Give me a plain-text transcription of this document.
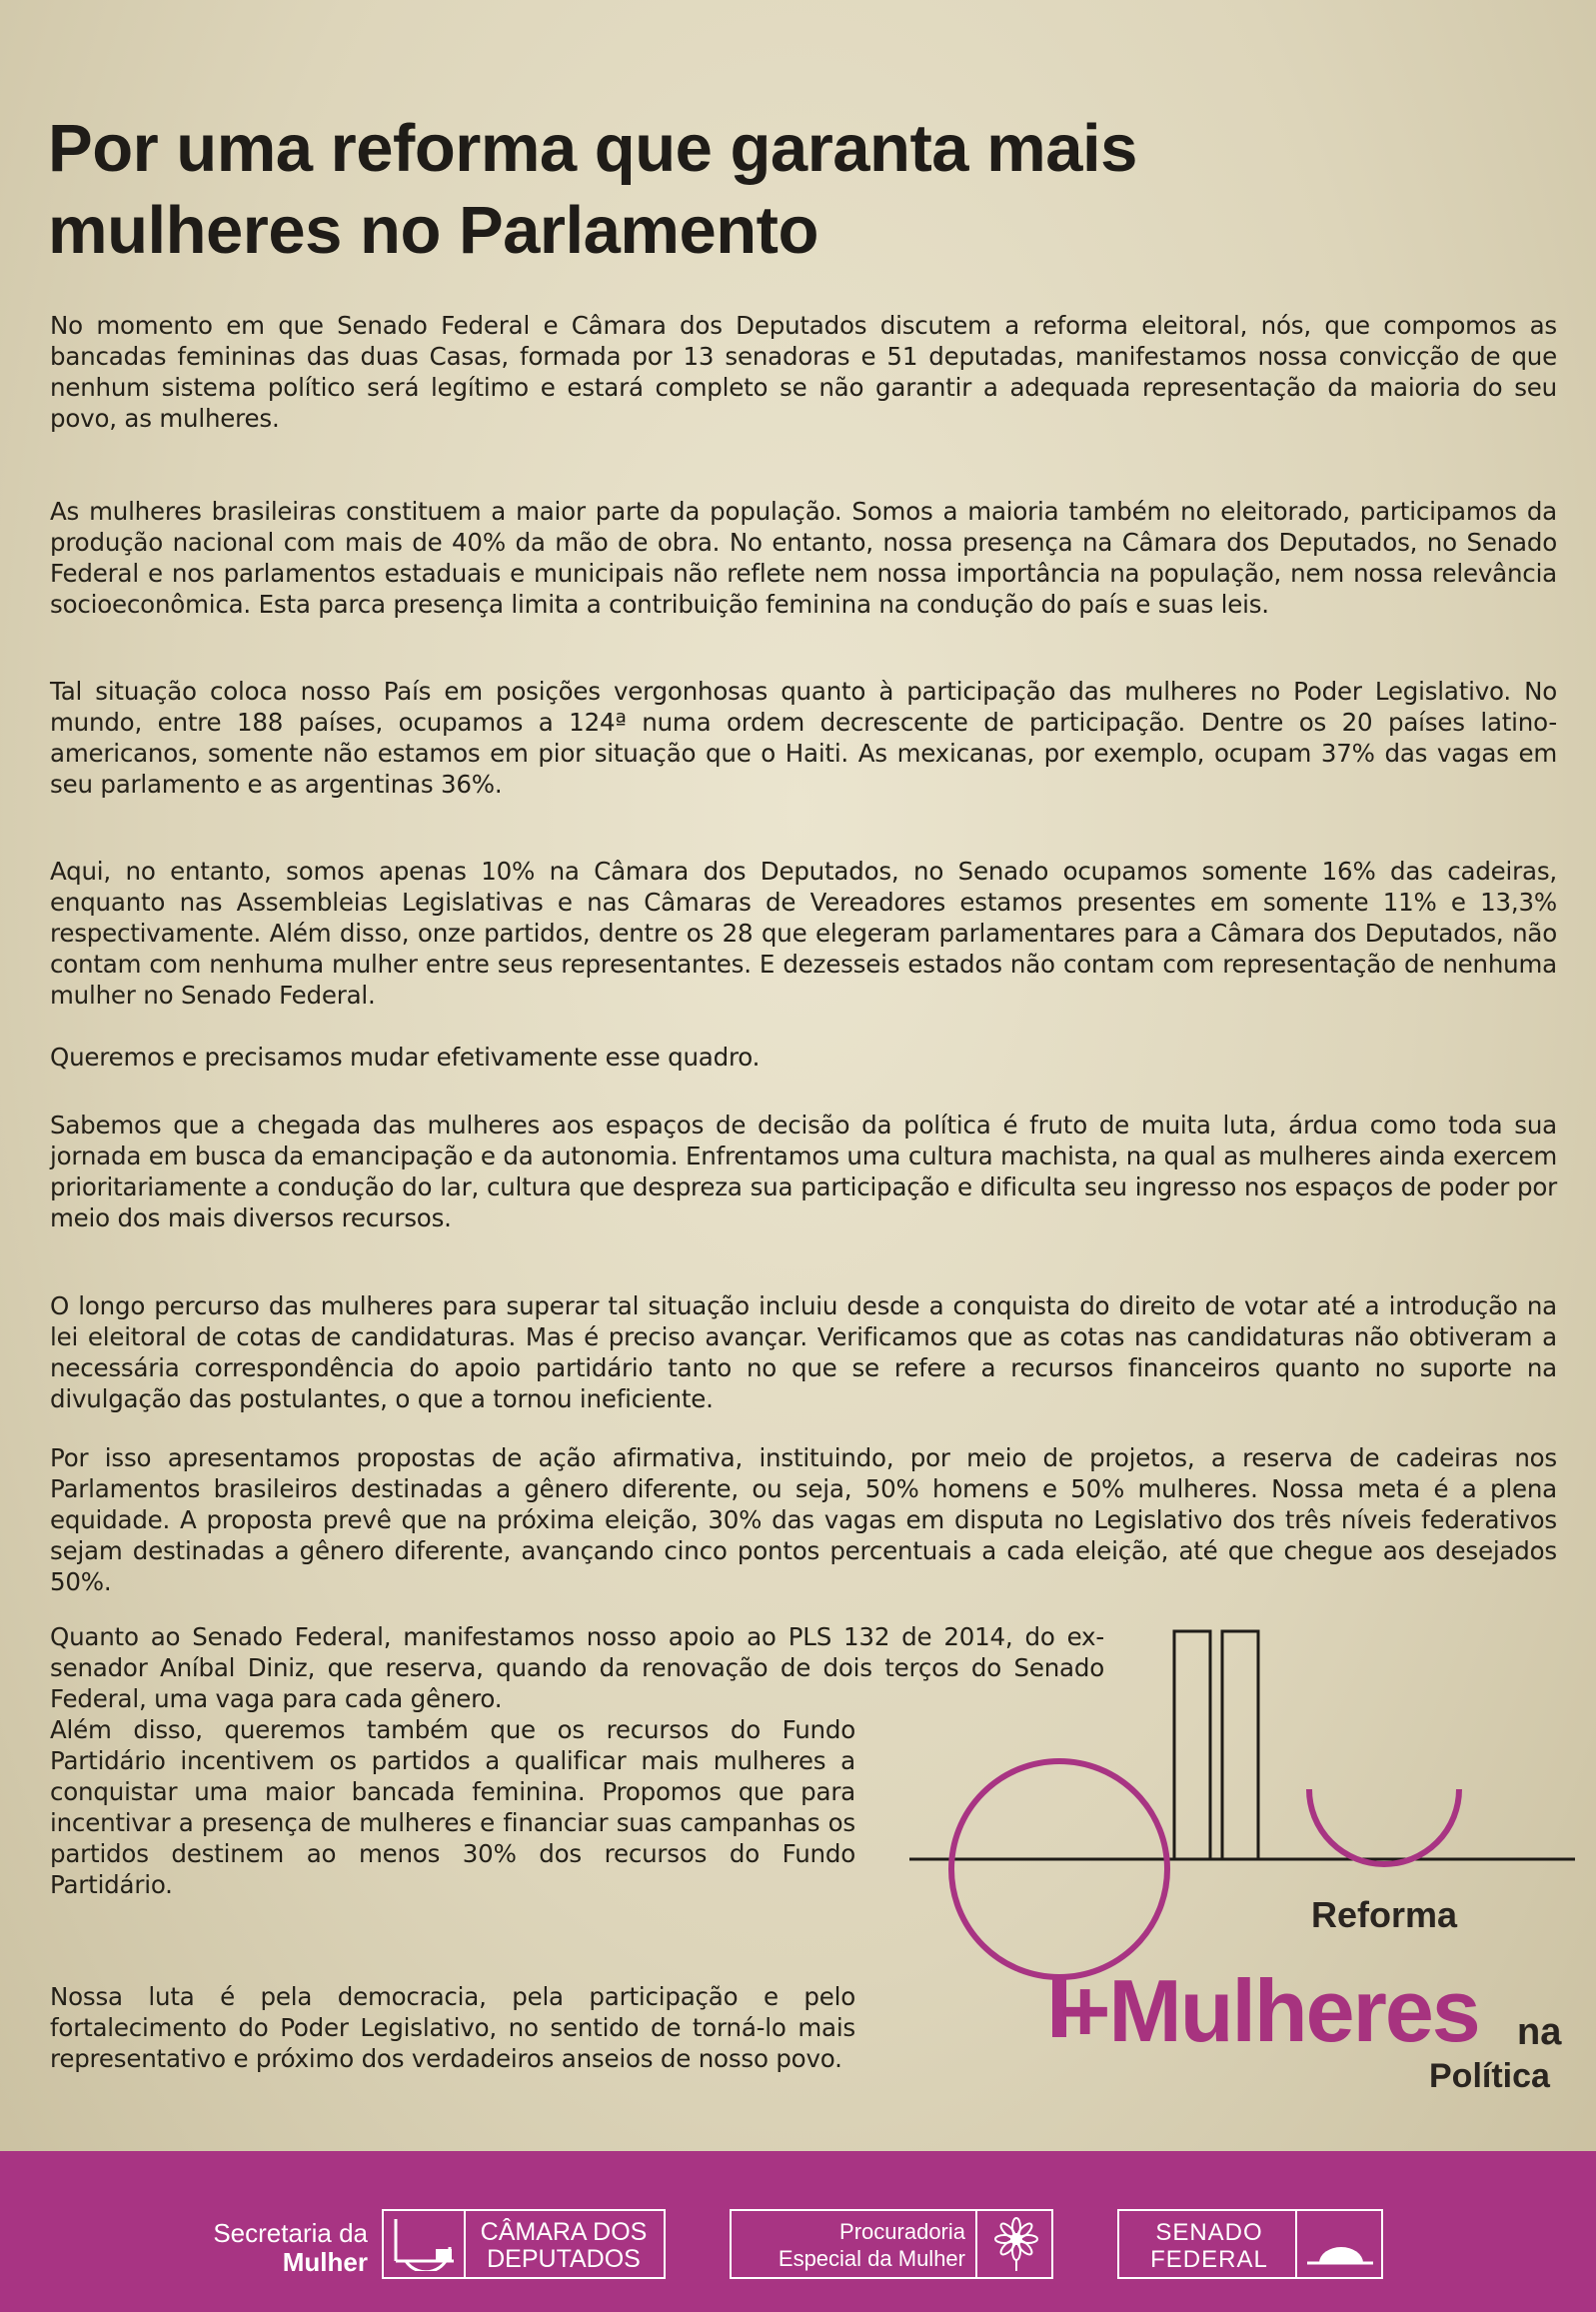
Por uma reforma que garanta mais
mulheres no Parlamento

No momento em que Senado Federal e Câmara dos Deputados discutem a reforma eleitoral, nós, que compomos as bancadas femininas das duas Casas, formada por 13 senadoras e 51 deputadas, manifestamos nossa convicção de que nenhum sistema político será legítimo e estará completo se não garantir a adequada representação da maioria do seu povo, as mulheres.

As mulheres brasileiras constituem a maior parte da população. Somos a maioria também no eleitorado, participamos da produção nacional com mais de 40% da mão de obra. No entanto, nossa presença na Câmara dos Deputados, no Senado Federal e nos parlamentos estaduais e municipais não reflete nem nossa importância na população, nem nossa relevância socioeconômica. Esta parca presença limita a contribuição feminina na condução do país e suas leis.

Tal situação coloca nosso País em posições vergonhosas quanto à participação das mulheres no Poder Legislativo. No mundo, entre 188 países, ocupamos a 124ª numa ordem decrescente de participação. Dentre os 20 países latino-americanos, somente não estamos em pior situação que o Haiti. As mexicanas, por exemplo, ocupam 37% das vagas em seu parlamento e as argentinas 36%.

Aqui, no entanto, somos apenas 10% na Câmara dos Deputados, no Senado ocupamos somente 16% das cadeiras, enquanto nas Assembleias Legislativas e nas Câmaras de Vereadores estamos presentes em somente 11% e 13,3% respectivamente. Além disso, onze partidos, dentre os 28 que elegeram parlamentares para a Câmara dos Deputados, não contam com nenhuma mulher entre seus representantes. E dezesseis estados não contam com representação de nenhuma mulher no Senado Federal.

Queremos e precisamos mudar efetivamente esse quadro.

Sabemos que a chegada das mulheres aos espaços de decisão da política é fruto de muita luta, árdua como toda sua jornada em busca da emancipação e da autonomia. Enfrentamos uma cultura machista, na qual as mulheres ainda exercem prioritariamente a condução do lar, cultura que despreza sua participação e dificulta seu ingresso nos espaços de poder por meio dos mais diversos recursos.

O longo percurso das mulheres para superar tal situação incluiu desde a conquista do direito de votar até a introdução na lei eleitoral de cotas de candidaturas. Mas é preciso avançar. Verificamos que as cotas nas candidaturas não obtiveram a necessária correspondência do apoio partidário tanto no que se refere a recursos financeiros quanto no suporte na divulgação das postulantes, o que a tornou ineficiente.

Por isso apresentamos propostas de ação afirmativa, instituindo, por meio de projetos, a reserva de cadeiras nos Parlamentos brasileiros destinadas a gênero diferente, ou seja, 50% homens e 50% mulheres. Nossa meta é a plena equidade. A proposta prevê que na próxima eleição, 30% das vagas em disputa no Legislativo dos três níveis federativos sejam destinadas a gênero diferente, avançando cinco pontos percentuais a cada eleição, até que chegue aos desejados 50%.

Quanto ao Senado Federal, manifestamos nosso apoio ao PLS 132 de 2014, do ex-senador Aníbal Diniz, que reserva, quando da renovação de dois terços do Senado Federal, uma vaga para cada gênero.

Além disso, queremos também que os recursos do Fundo Partidário incentivem os partidos a qualificar mais mulheres a conquistar uma maior bancada feminina. Propomos que para incentivar a presença de mulheres e financiar suas campanhas os partidos destinem ao menos 30% dos recursos do Fundo Partidário.

Nossa luta é pela democracia, pela participação e pelo fortalecimento do Poder Legislativo, no sentido de torná-lo mais representativo e próximo dos verdadeiros anseios de nosso povo.

Reforma
+Mulheres na
Política
Secretaria da
Mulher
CÂMARA DOS
DEPUTADOS
Procuradoria
Especial da Mulher
SENADO
FEDERAL
